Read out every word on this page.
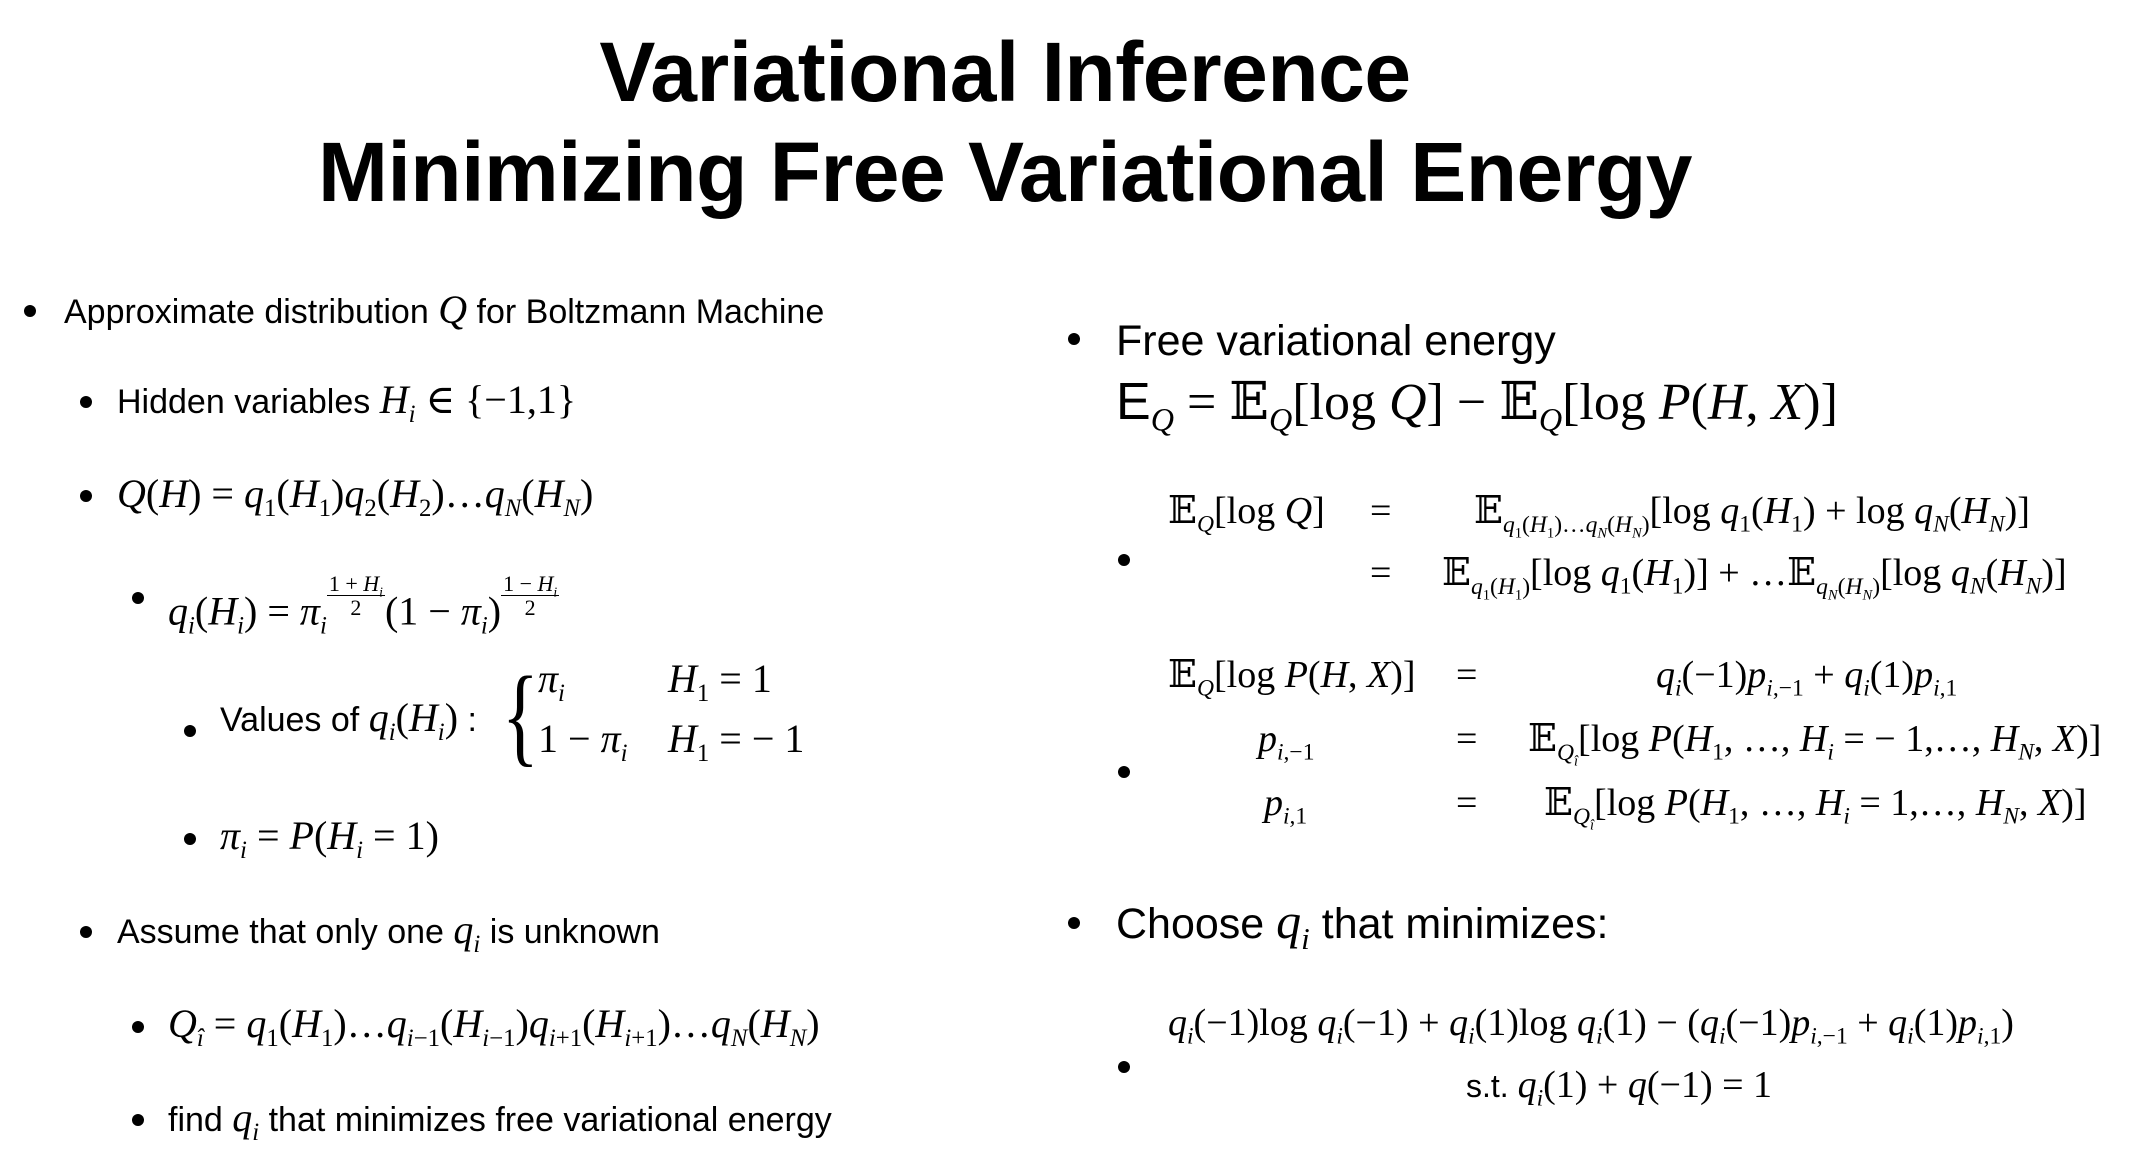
Variational Inference
Minimizing Free Variational Energy
Approximate distribution Q for Boltzmann Machine
Hidden variables $H_i$ ∈ {−1,1}
$Q(H) = q_1(H_1)q_2(H_2)\dots q_N(H_N)$
$q_i(H_i) = \pi_i$
$\frac{1 + H_i}{2} (1 - \pi_i) \frac{1 - H_i}{2}$
Values of $q_i(H_i)$ : { $\pi_i$	$H_1 = 1$
$1 - \pi_i$ $H_1$ = − 1
$\pi_i = P(H_i = 1)$
Assume that only one $q_i$ is unknown
$Q_î$ = $q_1(H_1)\dots q_{i-1}(H_{i-1})q_{i+1}(H_{i+1})\dots q_N(H_N)$
find $q_i$ that minimizes free variational energy
Free variational energy
$E_Q$ = 𝔼$_Q$[log Q] − 𝔼$_Q$[log P(H, X)]
𝔼$_Q$[log Q] = 𝔼$_{q_1(H_1)\dots q_N(H_N)}$[log $q_1(H_1) + \log q_N(H_N)$]
= 𝔼$_{q_1(H_1)}$[log $q_1(H_1)$] + …𝔼$_{q_N(H_N)}$[log $q_N(H_N)$]
𝔼$_Q$[log P(H, X)] =	$q_i(-1)p_{i,-1} + q_i(1)p_{i,1}$
$p_{i,-1}$	= 𝔼$_{Q_î}$[log $P(H_1$, …, $H_i$ = − 1,…, $H_N$, X)]
$p_{i,1}$	= 𝔼$_{Q_î}$[log $P(H_1$, …, $H_i$ = 1,…, $H_N$, X)]
Choose $q_i$ that minimizes:
$q_i(-1)\log$ $q_i(-1) + q_i(1)\log$ $q_i(1) - (q_i(-1)p_{i,-1} + q_i(1)p_{i,1})$
s.t. $q_i(1) + q(-1) = 1$
